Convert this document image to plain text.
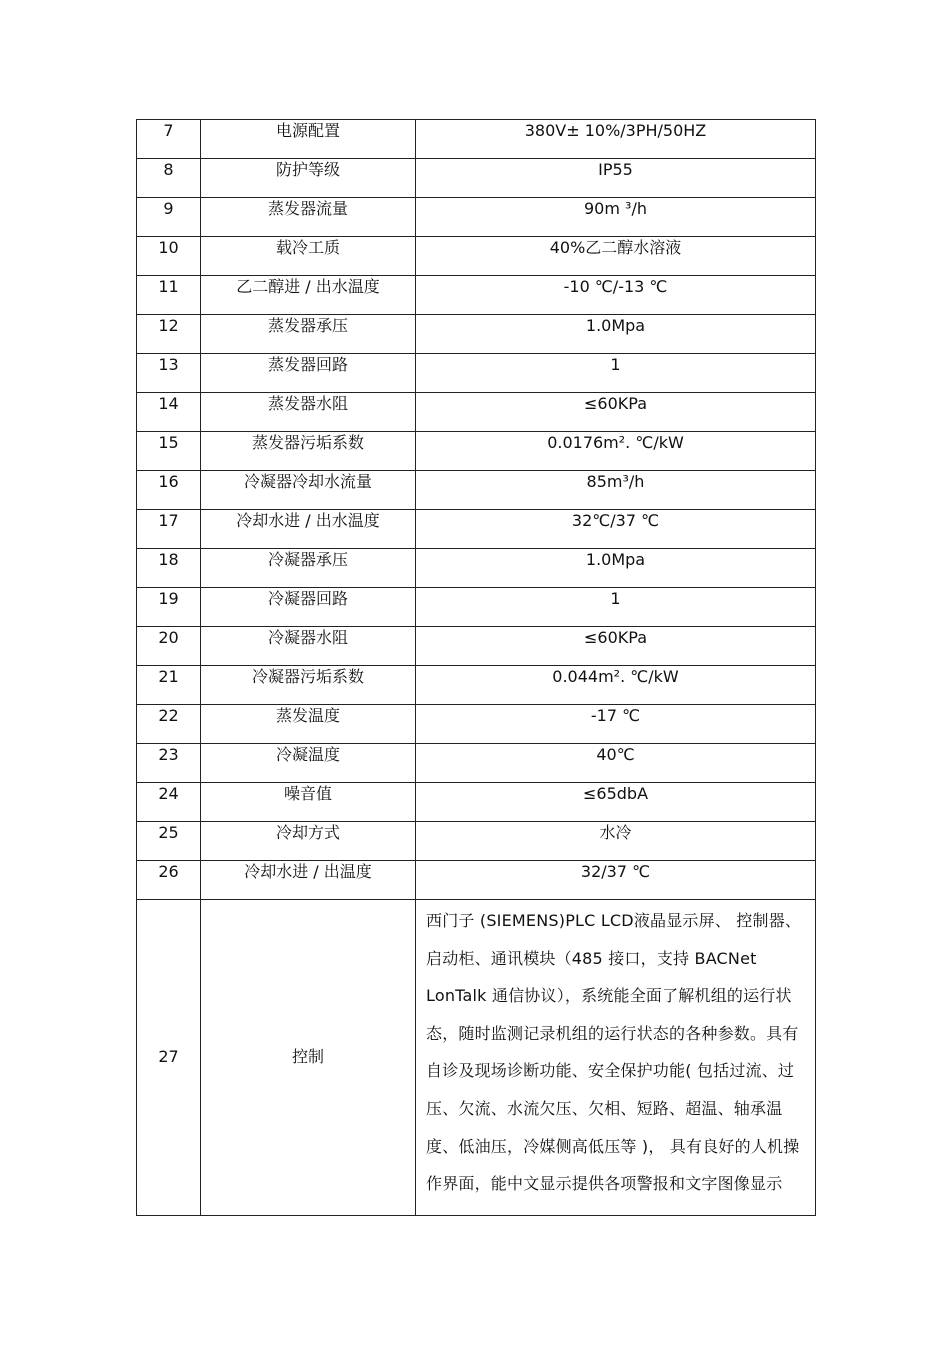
7	电源配置	380V± 10%/3PH/50HZ
8	防护等级	IP55
9	蒸发器流量	90m ³/h
10	载冷工质	40%乙二醇水溶液
11	乙二醇进 / 出水温度	-10 ℃/-13 ℃
12	蒸发器承压	1.0Mpa
13	蒸发器回路	1
14	蒸发器水阻	≤60KPa
15	蒸发器污垢系数	0.0176m². ℃/kW
16	冷凝器冷却水流量	85m³/h
17	冷却水进 / 出水温度	32℃/37 ℃
18	冷凝器承压	1.0Mpa
19	冷凝器回路	1
20	冷凝器水阻	≤60KPa
21	冷凝器污垢系数	0.044m². ℃/kW
22	蒸发温度	-17 ℃
23	冷凝温度	40℃
24	噪音值	≤65dbA
25	冷却方式	水冷
26	冷却水进 / 出温度	32/37 ℃
27	控制	西门子 (SIEMENS)PLC LCD液晶显示屏、 控制器、启动柜、通讯模块（485 接口，支持 BACNet LonTalk 通信协议），系统能全面了解机组的运行状态，随时监测记录机组的运行状态的各种参数。具有自诊及现场诊断功能、安全保护功能( 包括过流、过压、欠流、水流欠压、欠相、短路、超温、轴承温度、低油压，冷媒侧高低压等 )， 具有良好的人机操作界面，能中文显示提供各项警报和文字图像显示
